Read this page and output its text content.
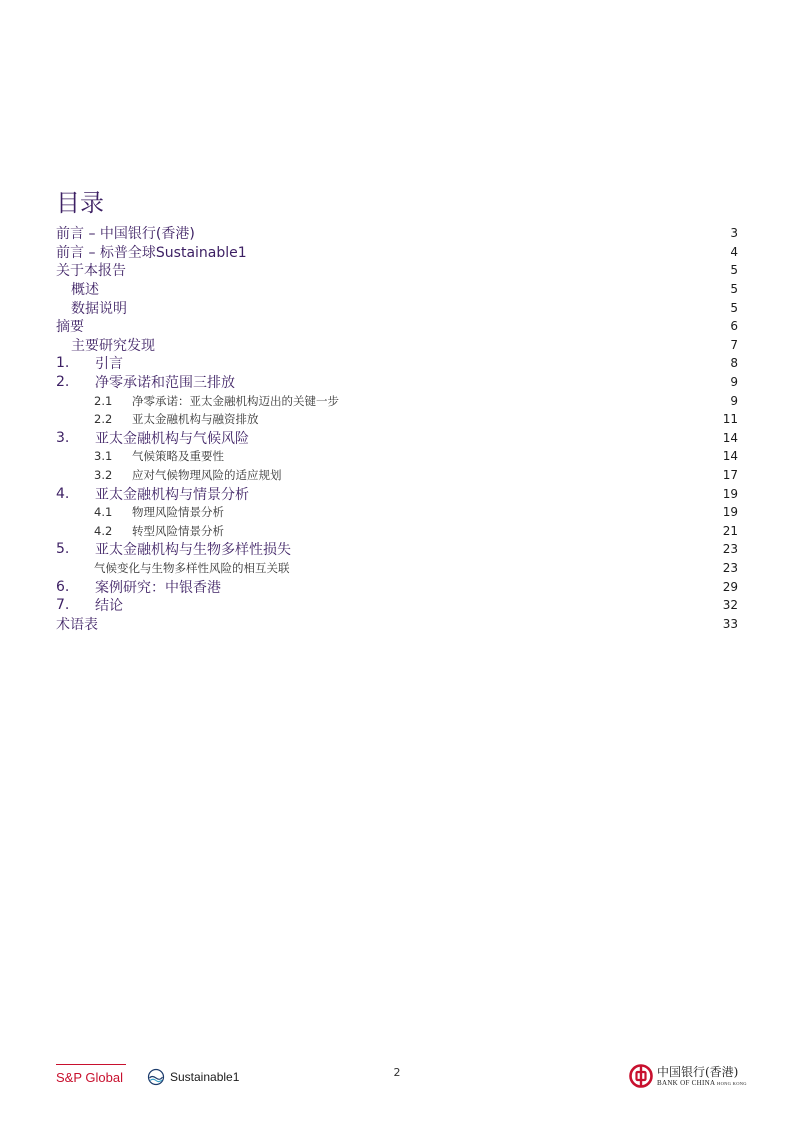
目录
前言 – 中国银行(香港)	3
前言 – 标普全球Sustainable1	4
关于本报告	5
概述	5
数据说明	5
摘要	6
主要研究发现	7
1.	引言	8
2.	净零承诺和范围三排放	9
2.1	净零承诺：亚太金融机构迈出的关键一步	9
2.2	亚太金融机构与融资排放	11
3.	亚太金融机构与气候风险	14
3.1	气候策略及重要性	14
3.2	应对气候物理风险的适应规划	17
4.	亚太金融机构与情景分析	19
4.1	物理风险情景分析	19
4.2	转型风险情景分析	21
5.	亚太金融机构与生物多样性损失	23
气候变化与生物多样性风险的相互关联	23
6.	案例研究：中银香港	29
7.	结论	32
术语表	33
S&P Global	Sustainable1	2	中国银行(香港)
BANK OF CHINA HONG KONG
